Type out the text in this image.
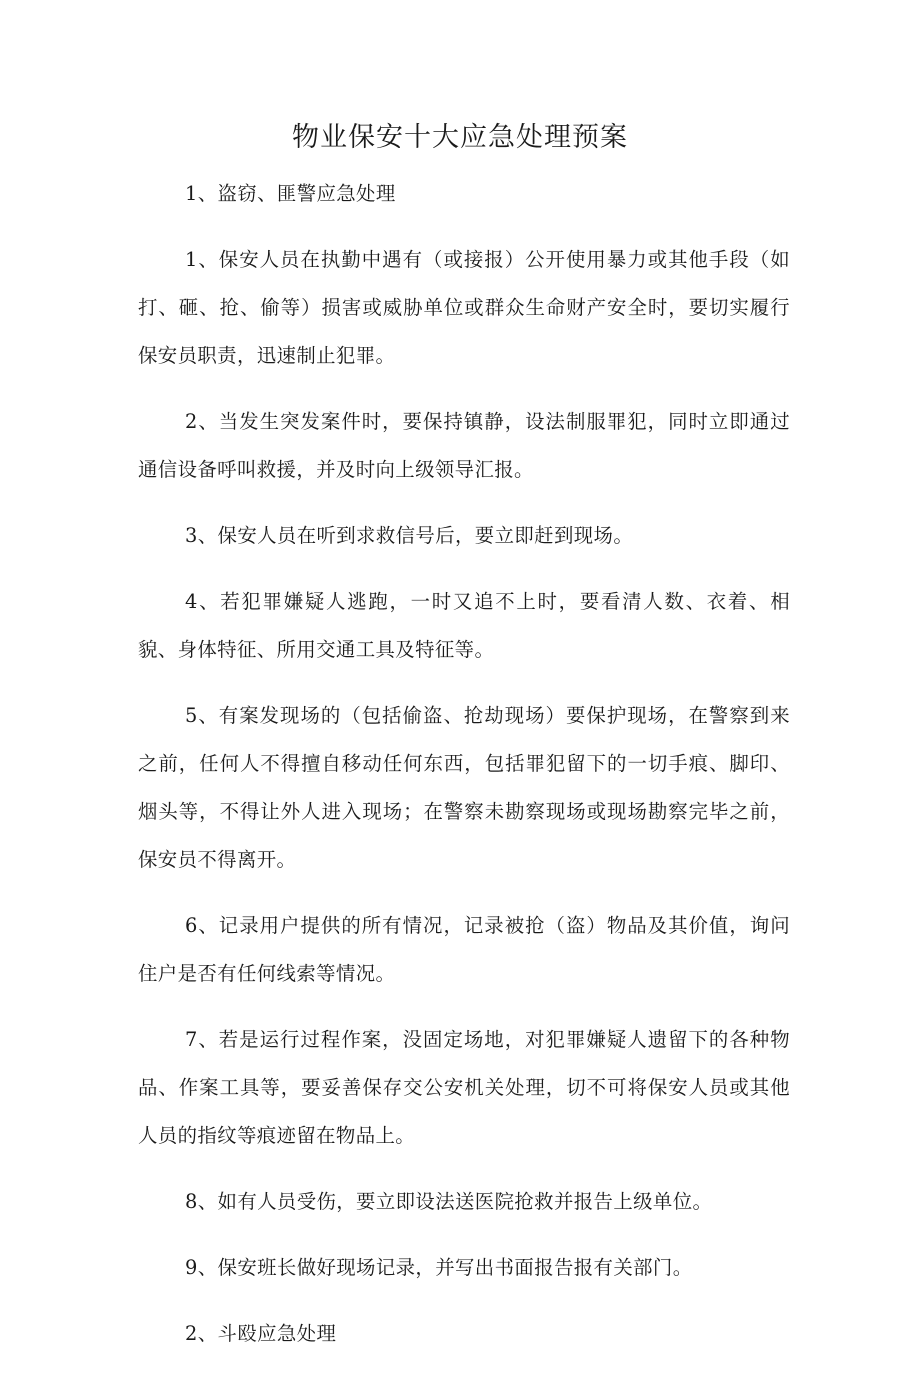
物业保安十大应急处理预案

1、盗窃、匪警应急处理

1、保安人员在执勤中遇有（或接报）公开使用暴力或其他手段（如打、砸、抢、偷等）损害或威胁单位或群众生命财产安全时，要切实履行保安员职责，迅速制止犯罪。

2、当发生突发案件时，要保持镇静，设法制服罪犯，同时立即通过通信设备呼叫救援，并及时向上级领导汇报。

3、保安人员在听到求救信号后，要立即赶到现场。

4、若犯罪嫌疑人逃跑，一时又追不上时，要看清人数、衣着、相貌、身体特征、所用交通工具及特征等。

5、有案发现场的（包括偷盗、抢劫现场）要保护现场，在警察到来之前，任何人不得擅自移动任何东西，包括罪犯留下的一切手痕、脚印、烟头等，不得让外人进入现场；在警察未勘察现场或现场勘察完毕之前，保安员不得离开。

6、记录用户提供的所有情况，记录被抢（盗）物品及其价值，询问住户是否有任何线索等情况。

7、若是运行过程作案，没固定场地，对犯罪嫌疑人遗留下的各种物品、作案工具等，要妥善保存交公安机关处理，切不可将保安人员或其他人员的指纹等痕迹留在物品上。

8、如有人员受伤，要立即设法送医院抢救并报告上级单位。

9、保安班长做好现场记录，并写出书面报告报有关部门。

2、斗殴应急处理
